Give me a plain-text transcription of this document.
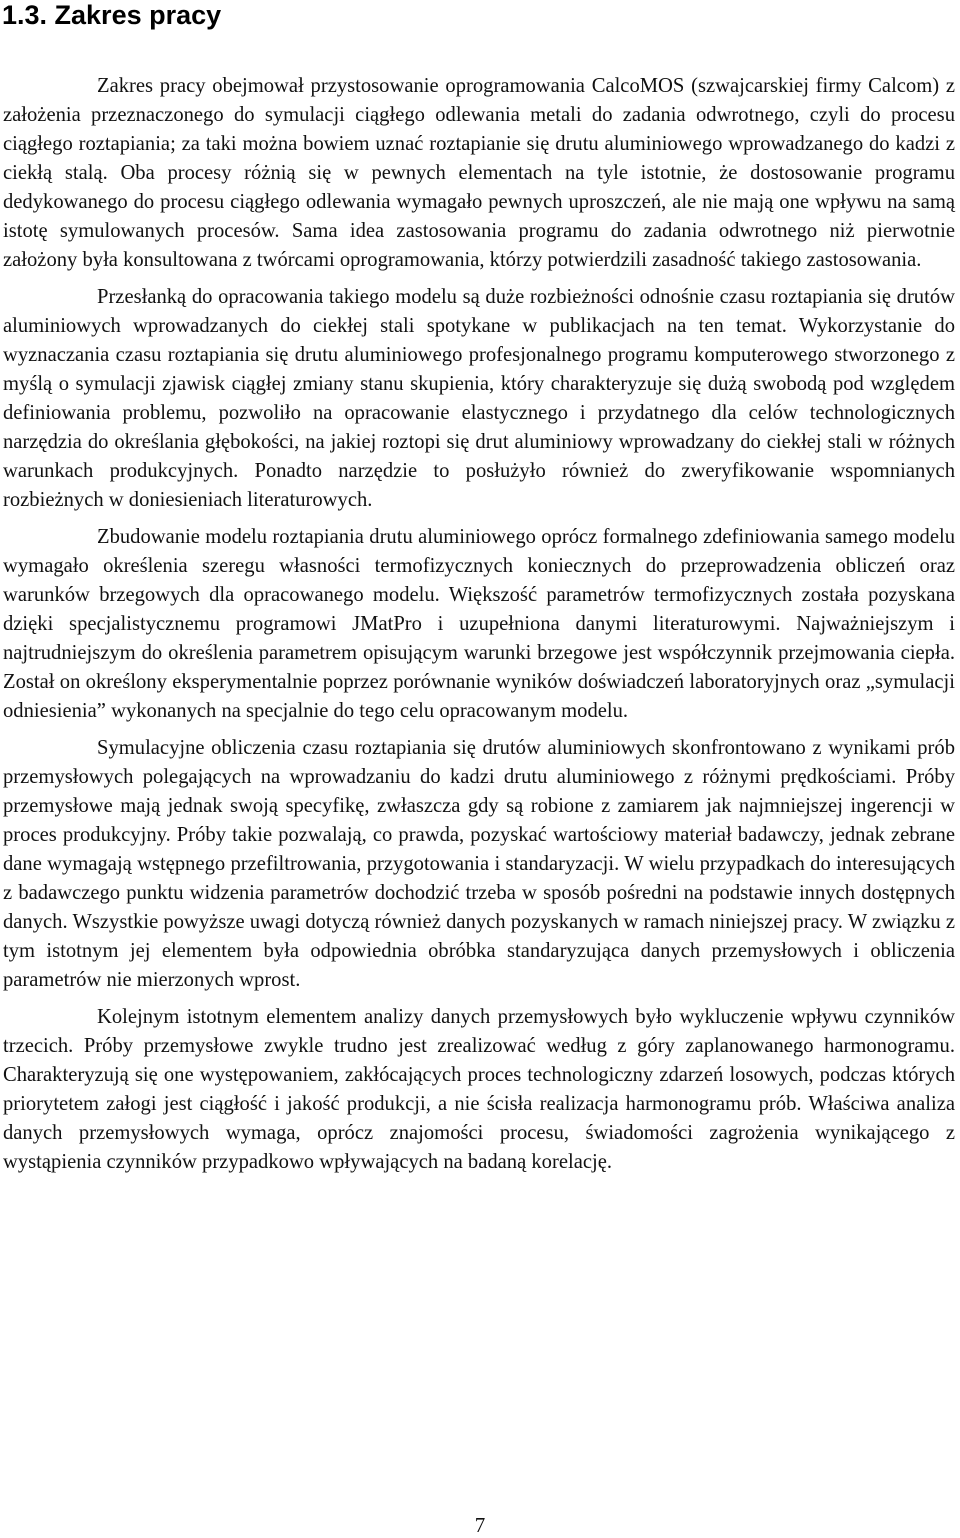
1.3. Zakres pracy

Zakres pracy obejmował przystosowanie oprogramowania CalcoMOS (szwajcarskiej firmy Calcom) z założenia przeznaczonego do symulacji ciągłego odlewania metali do zadania odwrotnego, czyli do procesu ciągłego roztapiania; za taki można bowiem uznać roztapianie się drutu aluminiowego wprowadzanego do kadzi z ciekłą stalą. Oba procesy różnią się w pewnych elementach na tyle istotnie, że dostosowanie programu dedykowanego do procesu ciągłego odlewania wymagało pewnych uproszczeń, ale nie mają one wpływu na samą istotę symulowanych procesów. Sama idea zastosowania programu do zadania odwrotnego niż pierwotnie założony była konsultowana z twórcami oprogramowania, którzy potwierdzili zasadność takiego zastosowania.

Przesłanką do opracowania takiego modelu są duże rozbieżności odnośnie czasu roztapiania się drutów aluminiowych wprowadzanych do ciekłej stali spotykane w publikacjach na ten temat. Wykorzystanie do wyznaczania czasu roztapiania się drutu aluminiowego profesjonalnego programu komputerowego stworzonego z myślą o symulacji zjawisk ciągłej zmiany stanu skupienia, który charakteryzuje się dużą swobodą pod względem definiowania problemu, pozwoliło na opracowanie elastycznego i przydatnego dla celów technologicznych narzędzia do określania głębokości, na jakiej roztopi się drut aluminiowy wprowadzany do ciekłej stali w różnych warunkach produkcyjnych. Ponadto narzędzie to posłużyło również do zweryfikowanie wspomnianych rozbieżnych w doniesieniach literaturowych.

Zbudowanie modelu roztapiania drutu aluminiowego oprócz formalnego zdefiniowania samego modelu wymagało określenia szeregu własności termofizycznych koniecznych do przeprowadzenia obliczeń oraz warunków brzegowych dla opracowanego modelu. Większość parametrów termofizycznych została pozyskana dzięki specjalistycznemu programowi JMatPro i uzupełniona danymi literaturowymi. Najważniejszym i najtrudniejszym do określenia parametrem opisującym warunki brzegowe jest współczynnik przejmowania ciepła. Został on określony eksperymentalnie poprzez porównanie wyników doświadczeń laboratoryjnych oraz „symulacji odniesienia” wykonanych na specjalnie do tego celu opracowanym modelu.

Symulacyjne obliczenia czasu roztapiania się drutów aluminiowych skonfrontowano z wynikami prób przemysłowych polegających na wprowadzaniu do kadzi drutu aluminiowego z różnymi prędkościami. Próby przemysłowe mają jednak swoją specyfikę, zwłaszcza gdy są robione z zamiarem jak najmniejszej ingerencji w proces produkcyjny. Próby takie pozwalają, co prawda, pozyskać wartościowy materiał badawczy, jednak zebrane dane wymagają wstępnego przefiltrowania, przygotowania i standaryzacji. W wielu przypadkach do interesujących z badawczego punktu widzenia parametrów dochodzić trzeba w sposób pośredni na podstawie innych dostępnych danych. Wszystkie powyższe uwagi dotyczą również danych pozyskanych w ramach niniejszej pracy. W związku z tym istotnym jej elementem była odpowiednia obróbka standaryzująca danych przemysłowych i obliczenia parametrów nie mierzonych wprost.

Kolejnym istotnym elementem analizy danych przemysłowych było wykluczenie wpływu czynników trzecich. Próby przemysłowe zwykle trudno jest zrealizować według z góry zaplanowanego harmonogramu. Charakteryzują się one występowaniem, zakłócających proces technologiczny zdarzeń losowych, podczas których priorytetem załogi jest ciągłość i jakość produkcji, a nie ścisła realizacja harmonogramu prób. Właściwa analiza danych przemysłowych wymaga, oprócz znajomości procesu, świadomości zagrożenia wynikającego z wystąpienia czynników przypadkowo wpływających na badaną korelację.

7
